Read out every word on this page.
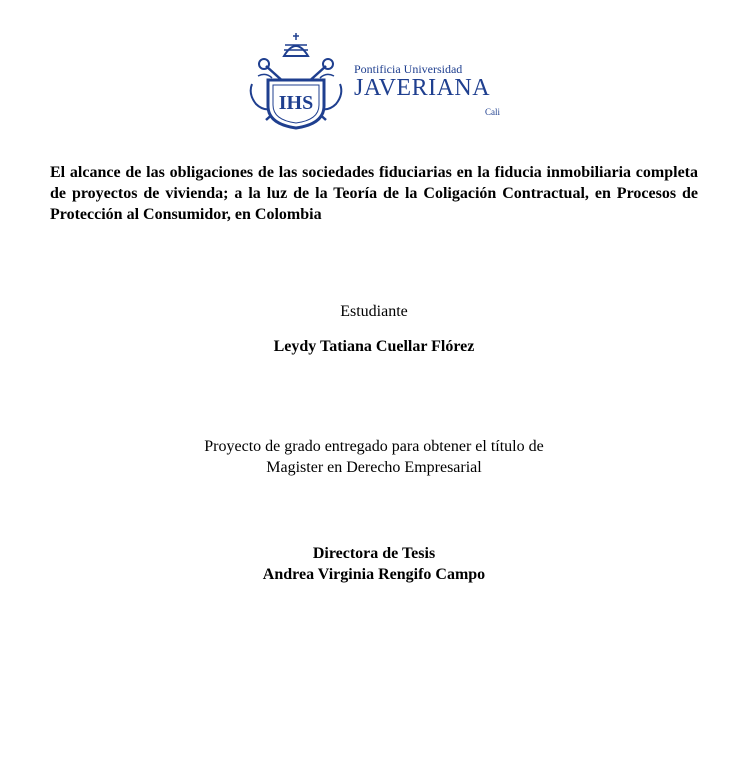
IHS
Pontificia Universidad
JAVERIANA
Cali
El alcance de las obligaciones de las sociedades fiduciarias en la fiducia inmobiliaria completa de proyectos de vivienda; a la luz de la Teoría de la Coligación Contractual, en Procesos de Protección al Consumidor, en Colombia
Estudiante
Leydy Tatiana Cuellar Flórez
Proyecto de grado entregado para obtener el título de
Magister en Derecho Empresarial
Directora de Tesis
Andrea Virginia Rengifo Campo
